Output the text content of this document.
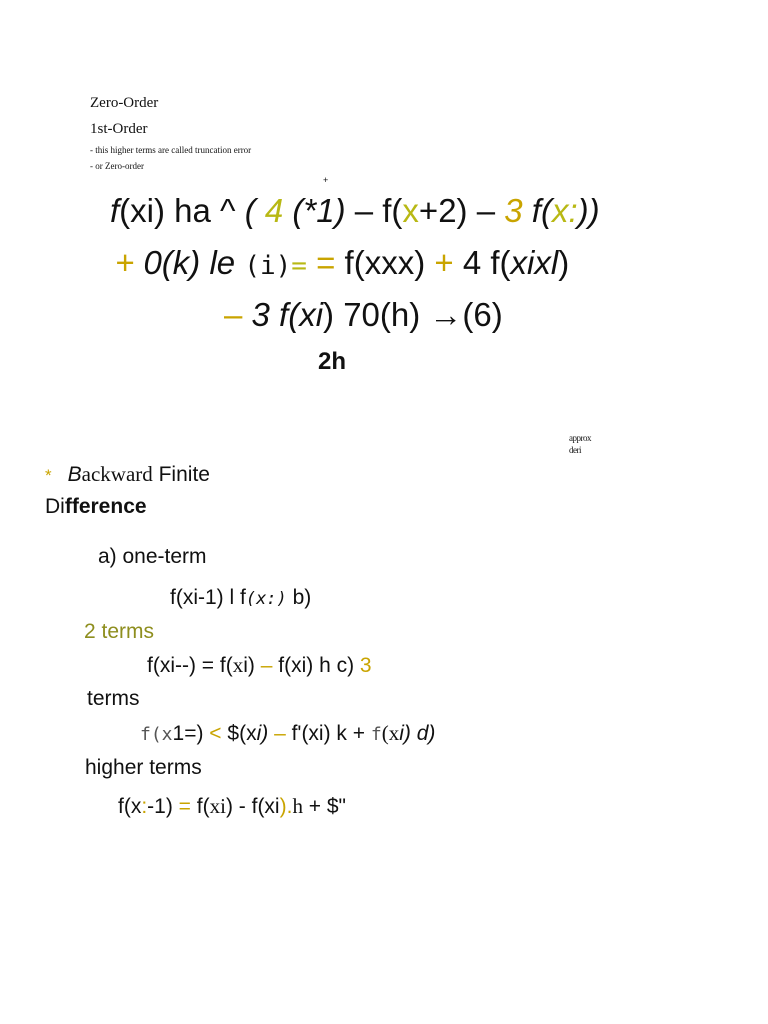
Zero-Order
1st-Order
- this higher terms are called truncation error
- or Zero-order
+
f(xi) ha ^ ( 4 (*1) – f(x+2) – 3 f(x:))
+ 0(k) le (i)= = f(xxx) + 4 f(xixl)
– 3 f(xi) 70(h) →(6)
2h
approx
deri
* Backward Finite
Difference
a) one-term
f(xi-1) l f(x:) b)
2 terms
f(xi--) = f(xi) – f(xi) h c) 3
terms
f(x1=) < $(xi) – f'(xi) k + f(xi) d)
higher terms
f(x:-1) = f(xi) - f(xi).h + $"
